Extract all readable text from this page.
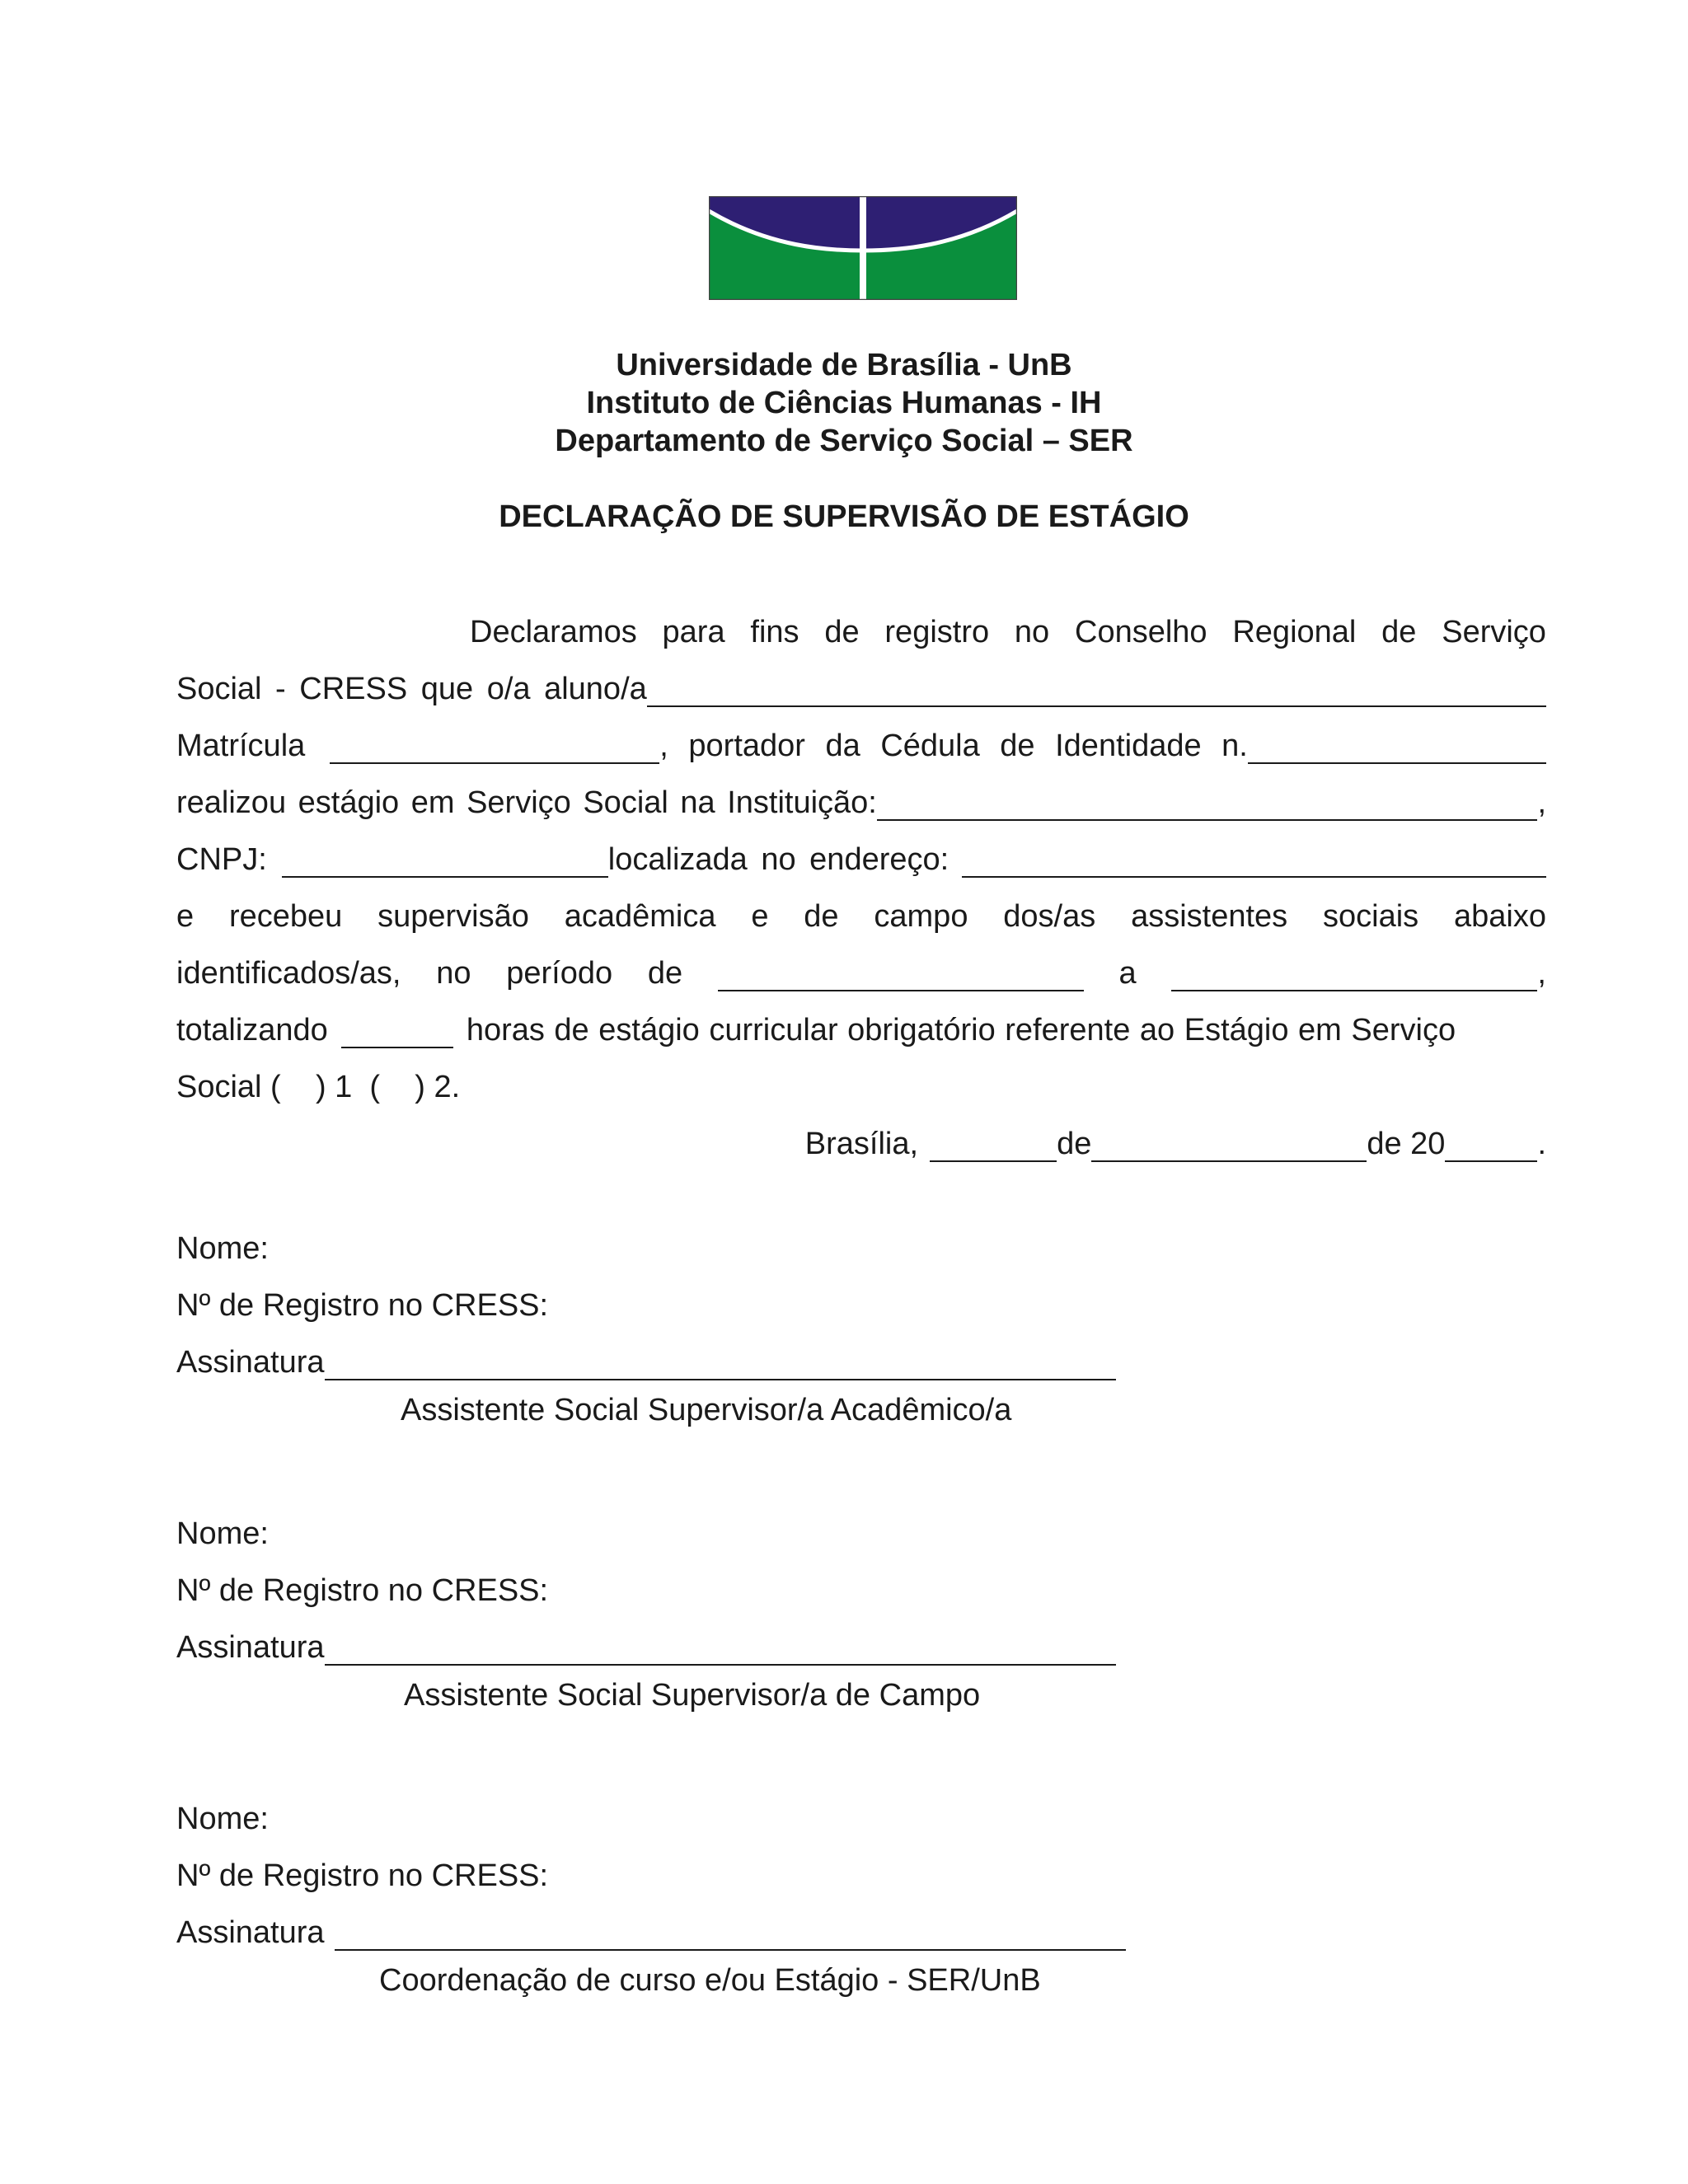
Universidade de Brasília - UnB
Instituto de Ciências Humanas - IH
Departamento de Serviço Social – SER
DECLARAÇÃO DE SUPERVISÃO DE ESTÁGIO
Declaramos para fins de registro no Conselho Regional de Serviço
Social - CRESS que o/a aluno/a
Matrícula	, portador da Cédula de Identidade n.
realizou estágio em Serviço Social na Instituição:	,
CNPJ:	localizada no endereço:
e recebeu supervisão acadêmica e de campo dos/as assistentes sociais abaixo
identificados/as, no período de	a	,
totalizando	horas de estágio curricular obrigatório referente ao Estágio em Serviço
Social (    ) 1  (    ) 2.
Brasília,	de	de 20	.
Nome:
Nº de Registro no CRESS:
Assinatura
Assistente Social Supervisor/a Acadêmico/a
Nome:
Nº de Registro no CRESS:
Assinatura
Assistente Social Supervisor/a de Campo
Nome:
Nº de Registro no CRESS:
Assinatura
Coordenação de curso e/ou Estágio - SER/UnB
